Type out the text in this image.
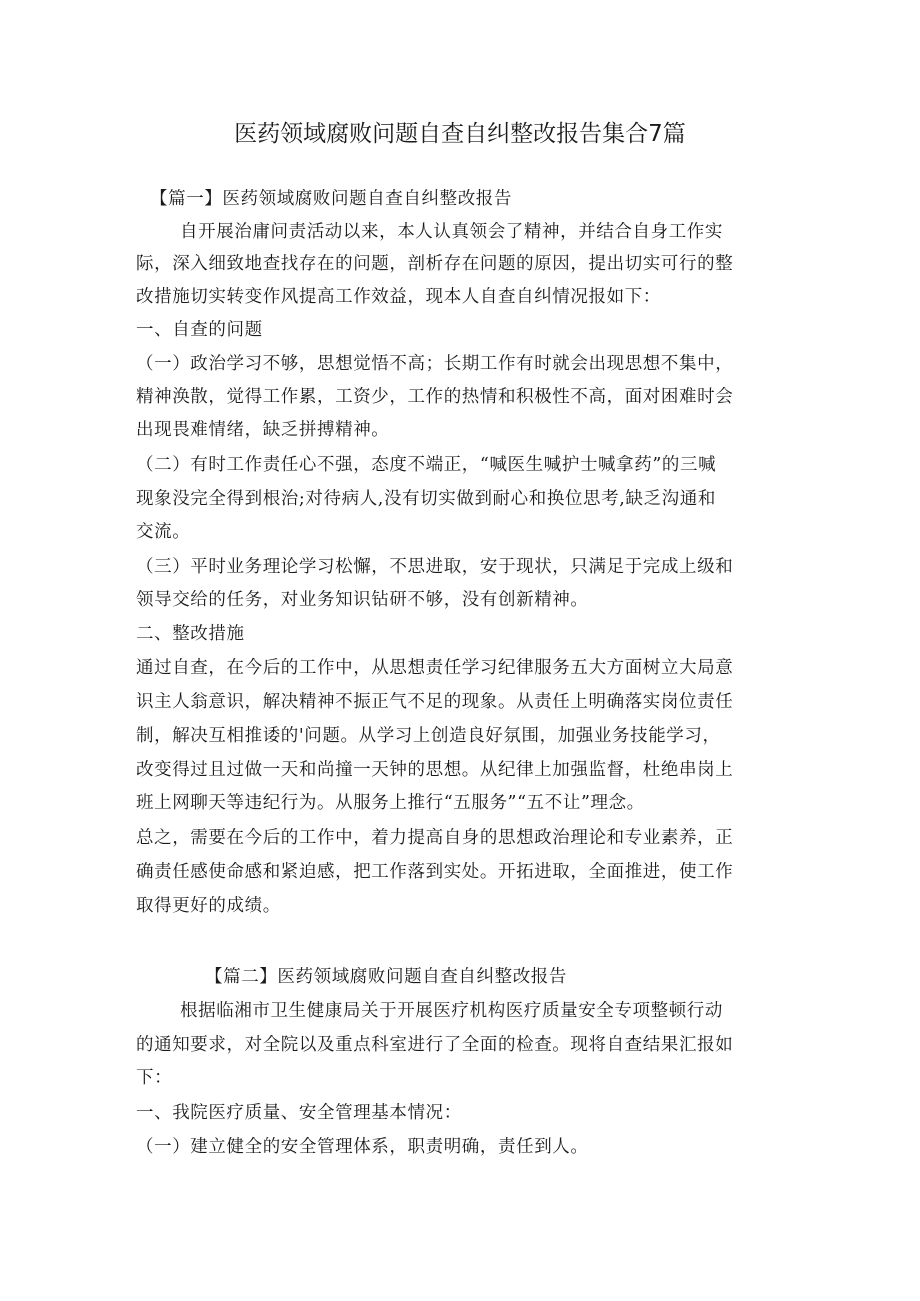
医药领域腐败问题自查自纠整改报告集合7篇
【篇一】医药领域腐败问题自查自纠整改报告
自开展治庸问责活动以来，本人认真领会了精神，并结合自身工作实
际，深入细致地查找存在的问题，剖析存在问题的原因，提出切实可行的整
改措施切实转变作风提高工作效益，现本人自查自纠情况报如下：
一、自查的问题
（一）政治学习不够，思想觉悟不高；长期工作有时就会出现思想不集中，
精神涣散，觉得工作累，工资少，工作的热情和积极性不高，面对困难时会
出现畏难情绪，缺乏拼搏精神。
（二）有时工作责任心不强，态度不端正，“喊医生喊护士喊拿药”的三喊
现象没完全得到根治;对待病人,没有切实做到耐心和换位思考,缺乏沟通和
交流。
（三）平时业务理论学习松懈，不思进取，安于现状，只满足于完成上级和
领导交给的任务，对业务知识钻研不够，没有创新精神。
二、整改措施
通过自查，在今后的工作中，从思想责任学习纪律服务五大方面树立大局意
识主人翁意识，解决精神不振正气不足的现象。从责任上明确落实岗位责任
制，解决互相推诿的'问题。从学习上创造良好氛围，加强业务技能学习，
改变得过且过做一天和尚撞一天钟的思想。从纪律上加强监督，杜绝串岗上
班上网聊天等违纪行为。从服务上推行“五服务”“五不让”理念。
总之，需要在今后的工作中，着力提高自身的思想政治理论和专业素养，正
确责任感使命感和紧迫感，把工作落到实处。开拓进取，全面推进，使工作
取得更好的成绩。
【篇二】医药领域腐败问题自查自纠整改报告
根据临湘市卫生健康局关于开展医疗机构医疗质量安全专项整顿行动
的通知要求，对全院以及重点科室进行了全面的检查。现将自查结果汇报如
下：
一、我院医疗质量、安全管理基本情况：
（一）建立健全的安全管理体系，职责明确，责任到人。
